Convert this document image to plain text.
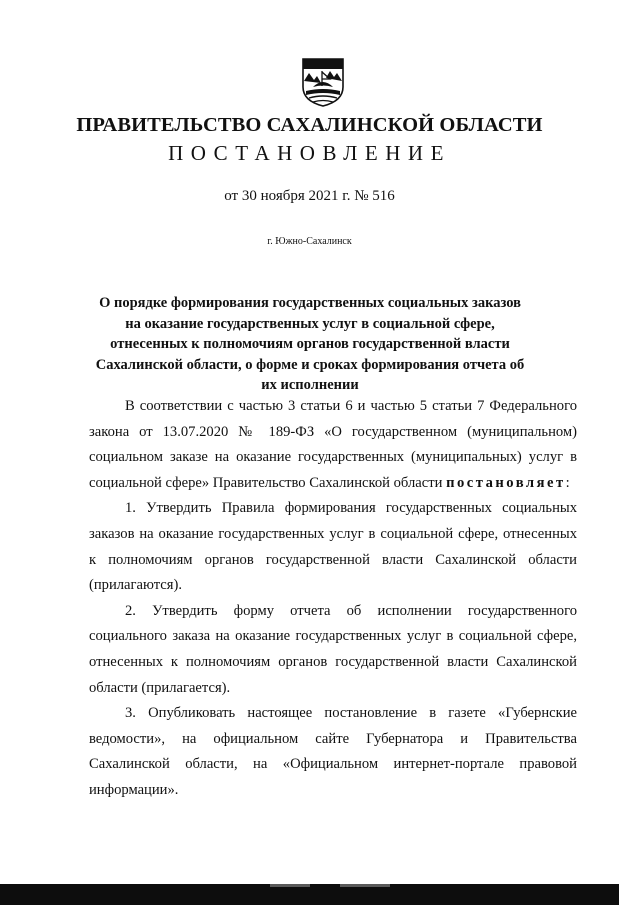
ПРАВИТЕЛЬСТВО САХАЛИНСКОЙ ОБЛАСТИ
ПОСТАНОВЛЕНИЕ
от 30 ноября 2021 г. № 516
г. Южно-Сахалинск
О порядке формирования государственных социальных заказов на оказание государственных услуг в социальной сфере, отнесенных к полномочиям органов государственной власти Сахалинской области, о форме и сроках формирования отчета об их исполнении

В соответствии с частью 3 статьи 6 и частью 5 статьи 7 Федерального закона от 13.07.2020 № 189-ФЗ «О государственном (муниципальном) социальном заказе на оказание государственных (муниципальных) услуг в социальной сфере» Правительство Сахалинской области постановляет:

1. Утвердить Правила формирования государственных социальных заказов на оказание государственных услуг в социальной сфере, отнесенных к полномочиям органов государственной власти Сахалинской области (прилагаются).

2. Утвердить форму отчета об исполнении государственного социального заказа на оказание государственных услуг в социальной сфере, отнесенных к полномочиям органов государственной власти Сахалинской области (прилагается).

3. Опубликовать настоящее постановление в газете «Губернские ведомости», на официальном сайте Губернатора и Правительства Сахалинской области, на «Официальном интернет-портале правовой информации».
